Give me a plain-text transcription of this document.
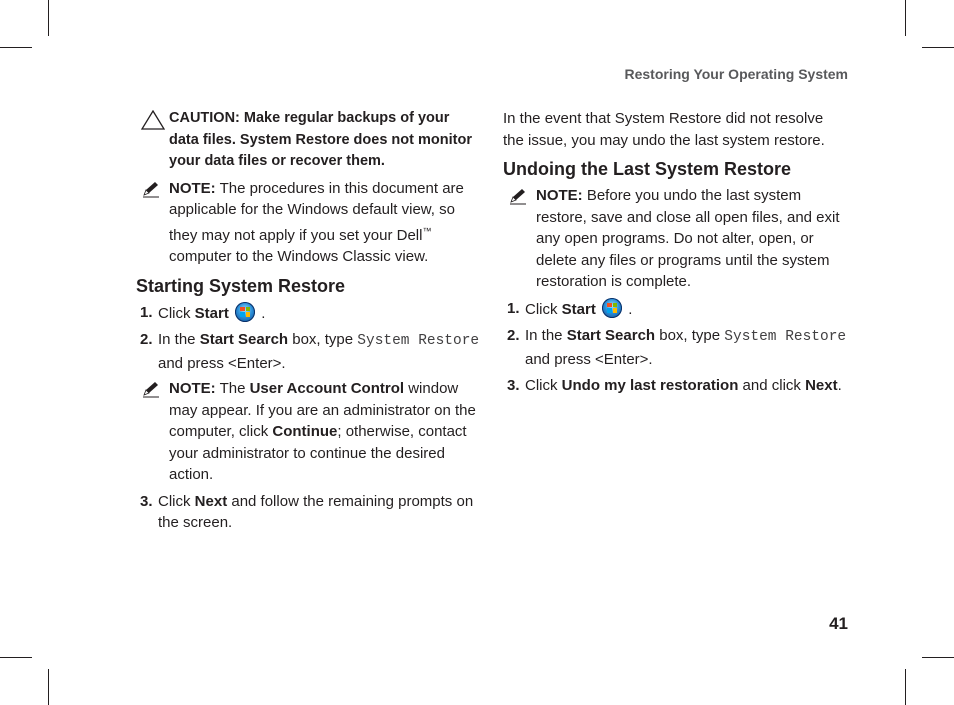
Restoring Your Operating System
41
CAUTION: Make regular backups of your data files. System Restore does not monitor your data files or recover them.
NOTE: The procedures in this document are applicable for the Windows default view, so they may not apply if you set your Dell™ computer to the Windows Classic view.
Starting System Restore
1. Click Start
.
2. In the Start Search box, type System Restore and press <Enter>.
NOTE: The User Account Control window may appear. If you are an administrator on the computer, click Continue; otherwise, contact your administrator to continue the desired action.
3. Click Next and follow the remaining prompts on the screen.

In the event that System Restore did not resolve the issue, you may undo the last system restore.

Undoing the Last System Restore
NOTE: Before you undo the last system restore, save and close all open files, and exit any open programs. Do not alter, open, or delete any files or programs until the system restoration is complete.
1. Click Start
.
2. In the Start Search box, type System Restore and press <Enter>.
3. Click Undo my last restoration and click Next.
